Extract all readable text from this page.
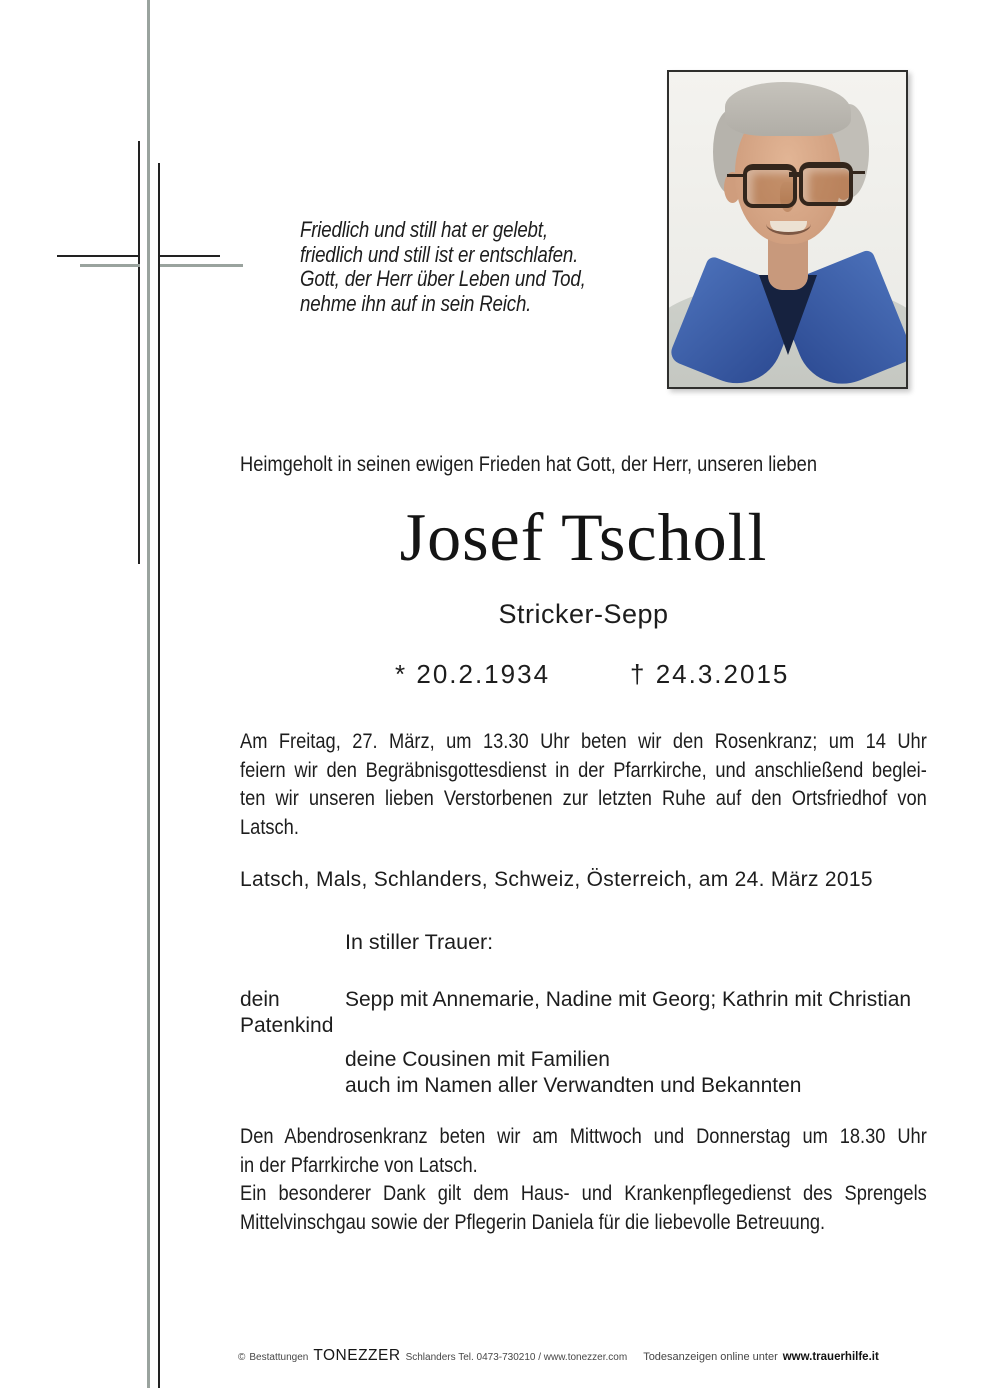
Friedlich und still hat er gelebt,
friedlich und still ist er entschlafen.
Gott, der Herr über Leben und Tod,
nehme ihn auf in sein Reich.
Heimgeholt in seinen ewigen Frieden hat Gott, der Herr, unseren lieben
Josef Tscholl
Stricker-Sepp
* 20.2.1934	† 24.3.2015
Am Freitag, 27. März, um 13.30 Uhr beten wir den Rosenkranz; um 14 Uhr
feiern wir den Begräbnisgottesdienst in der Pfarrkirche, und anschließend beglei-
ten wir unseren lieben Verstorbenen zur letzten Ruhe auf den Ortsfriedhof von
Latsch.
Latsch, Mals, Schlanders, Schweiz, Österreich, am 24. März 2015
In stiller Trauer:
dein Patenkind
Sepp mit Annemarie, Nadine mit Georg; Kathrin mit Christian
deine Cousinen mit Familien
auch im Namen aller Verwandten und Bekannten
Den Abendrosenkranz beten wir am Mittwoch und Donnerstag um 18.30 Uhr
in der Pfarrkirche von Latsch.
Ein besonderer Dank gilt dem Haus- und Krankenpflegedienst des Sprengels
Mittelvinschgau sowie der Pflegerin Daniela für die liebevolle Betreuung.
© Bestattungen TONEZZER Schlanders Tel. 0473-730210 / www.tonezzer.com Todesanzeigen online unter www.trauerhilfe.it
